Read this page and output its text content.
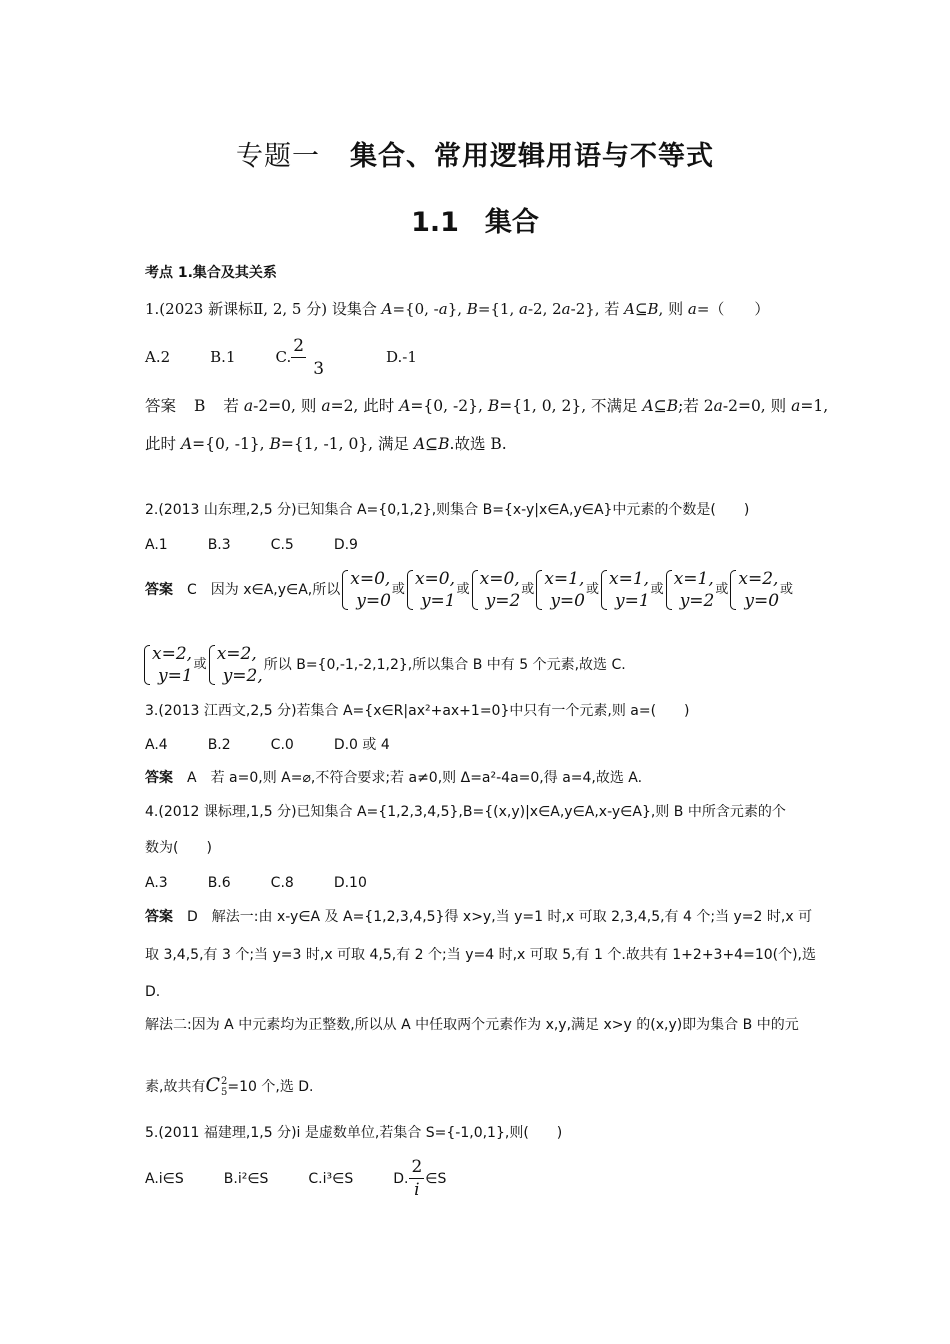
专题一 集合、常用逻辑用语与不等式
1.1 集合
考点 1.集合及其关系
1.(2023 新课标Ⅱ, 2, 5 分) 设集合 A={0, -a}, B={1, a-2, 2a-2}, 若 A⊆B, 则 a=（　　）
A.2	B.1	C. $\frac{2}{3}$	D.-1
答案 B 若 a-2=0, 则 a=2, 此时 A={0, -2}, B={1, 0, 2}, 不满足 A⊆B;若 2a-2=0, 则 a=1,
此时 A={0, -1}, B={1, -1, 0}, 满足 A⊆B.故选 B.
2.(2013 山东理,2,5 分)已知集合 A={0,1,2},则集合 B={x-y|x∈A,y∈A}中元素的个数是(　　)
A.1	B.3	C.5	D.9
答案 C 因为 x∈A,y∈A,所以
x=0,
y=0
或
x=0,
y=1
或
x=0,
y=2
或
x=1,
y=0
或
x=1,
y=1
或
x=1,
y=2
或
x=2,
y=0
或
x=2,
y=1
或
x=2,
y=2,
所以 B={0,-1,-2,1,2},所以集合 B 中有 5 个元素,故选 C.
3.(2013 江西文,2,5 分)若集合 A={x∈R|ax²+ax+1=0}中只有一个元素,则 a=(　　)
A.4	B.2	C.0	D.0 或 4
答案 A 若 a=0,则 A=⌀,不符合要求;若 a≠0,则 Δ=a²-4a=0,得 a=4,故选 A.
4.(2012 课标理,1,5 分)已知集合 A={1,2,3,4,5},B={(x,y)|x∈A,y∈A,x-y∈A},则 B 中所含元素的个
数为(　　)
A.3	B.6	C.8	D.10
答案 D 解法一:由 x-y∈A 及 A={1,2,3,4,5}得 x>y,当 y=1 时,x 可取 2,3,4,5,有 4 个;当 y=2 时,x 可
取 3,4,5,有 3 个;当 y=3 时,x 可取 4,5,有 2 个;当 y=4 时,x 可取 5,有 1 个.故共有 1+2+3+4=10(个),选
D.
解法二:因为 A 中元素均为正整数,所以从 A 中任取两个元素作为 x,y,满足 x>y 的(x,y)即为集合 B 中的元
素,故共有C 2
5 =10 个,选 D.
5.(2011 福建理,1,5 分)i 是虚数单位,若集合 S={-1,0,1},则(　　)
A.i∈S	B.i²∈S	C.i³∈S	D. $\frac{2}{i}$ ∈S
